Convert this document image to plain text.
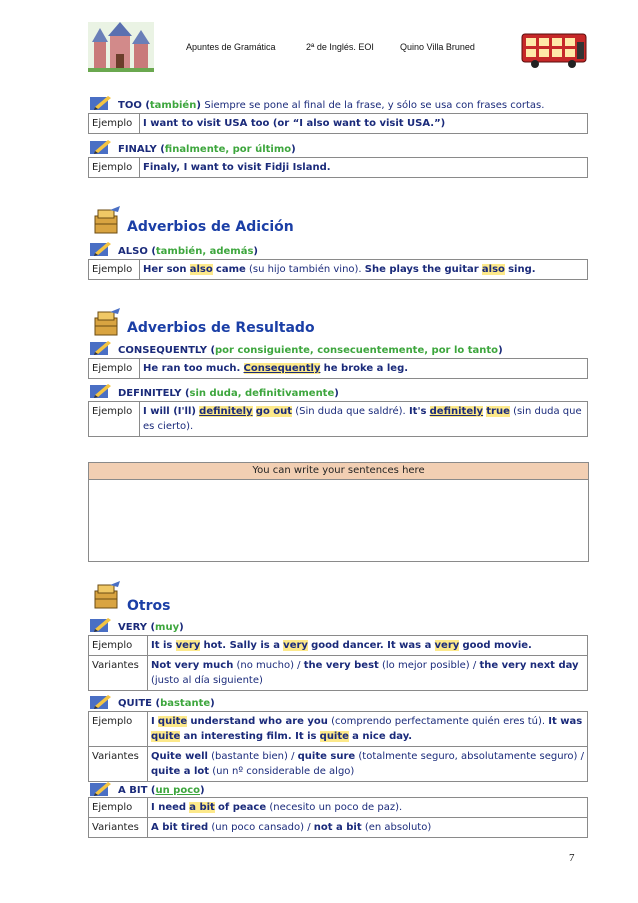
Apuntes de Gramática	2ª de Inglés. EOI	Quino Villa Bruned
TOO (también) Siempre se pone al final de la frase, y sólo se usa con frases cortas.
Ejemplo	I want to visit USA too (or “I also want to visit USA.”)
FINALY (finalmente, por último)
Ejemplo	Finaly, I want to visit Fidji Island.
Adverbios de Adición
ALSO (también, además)
Ejemplo	Her son also came (su hijo también vino). She plays the guitar also sing.
Adverbios de Resultado
CONSEQUENTLY (por consiguiente, consecuentemente, por lo tanto)
Ejemplo	He ran too much. Consequently he broke a leg.
DEFINITELY (sin duda, definitivamente)
Ejemplo	I will (I'll) definitely go out (Sin duda que saldré). It's definitely true (sin duda que es cierto).
You can write your sentences here
Otros
VERY (muy)
Ejemplo	It is very hot. Sally is a very good dancer. It was a very good movie.
Variantes	Not very much (no mucho) / the very best (lo mejor posible) / the very next day (justo al día siguiente)
QUITE (bastante)
Ejemplo	I quite understand who are you (comprendo perfectamente quién eres tú). It was quite an interesting film. It is quite a nice day.
Variantes	Quite well (bastante bien) / quite sure (totalmente seguro, absolutamente seguro) / quite a lot (un nº considerable de algo)
A BIT (un poco)
Ejemplo	I need a bit of peace (necesito un poco de paz).
Variantes	A bit tired (un poco cansado) / not a bit (en absoluto)
7
